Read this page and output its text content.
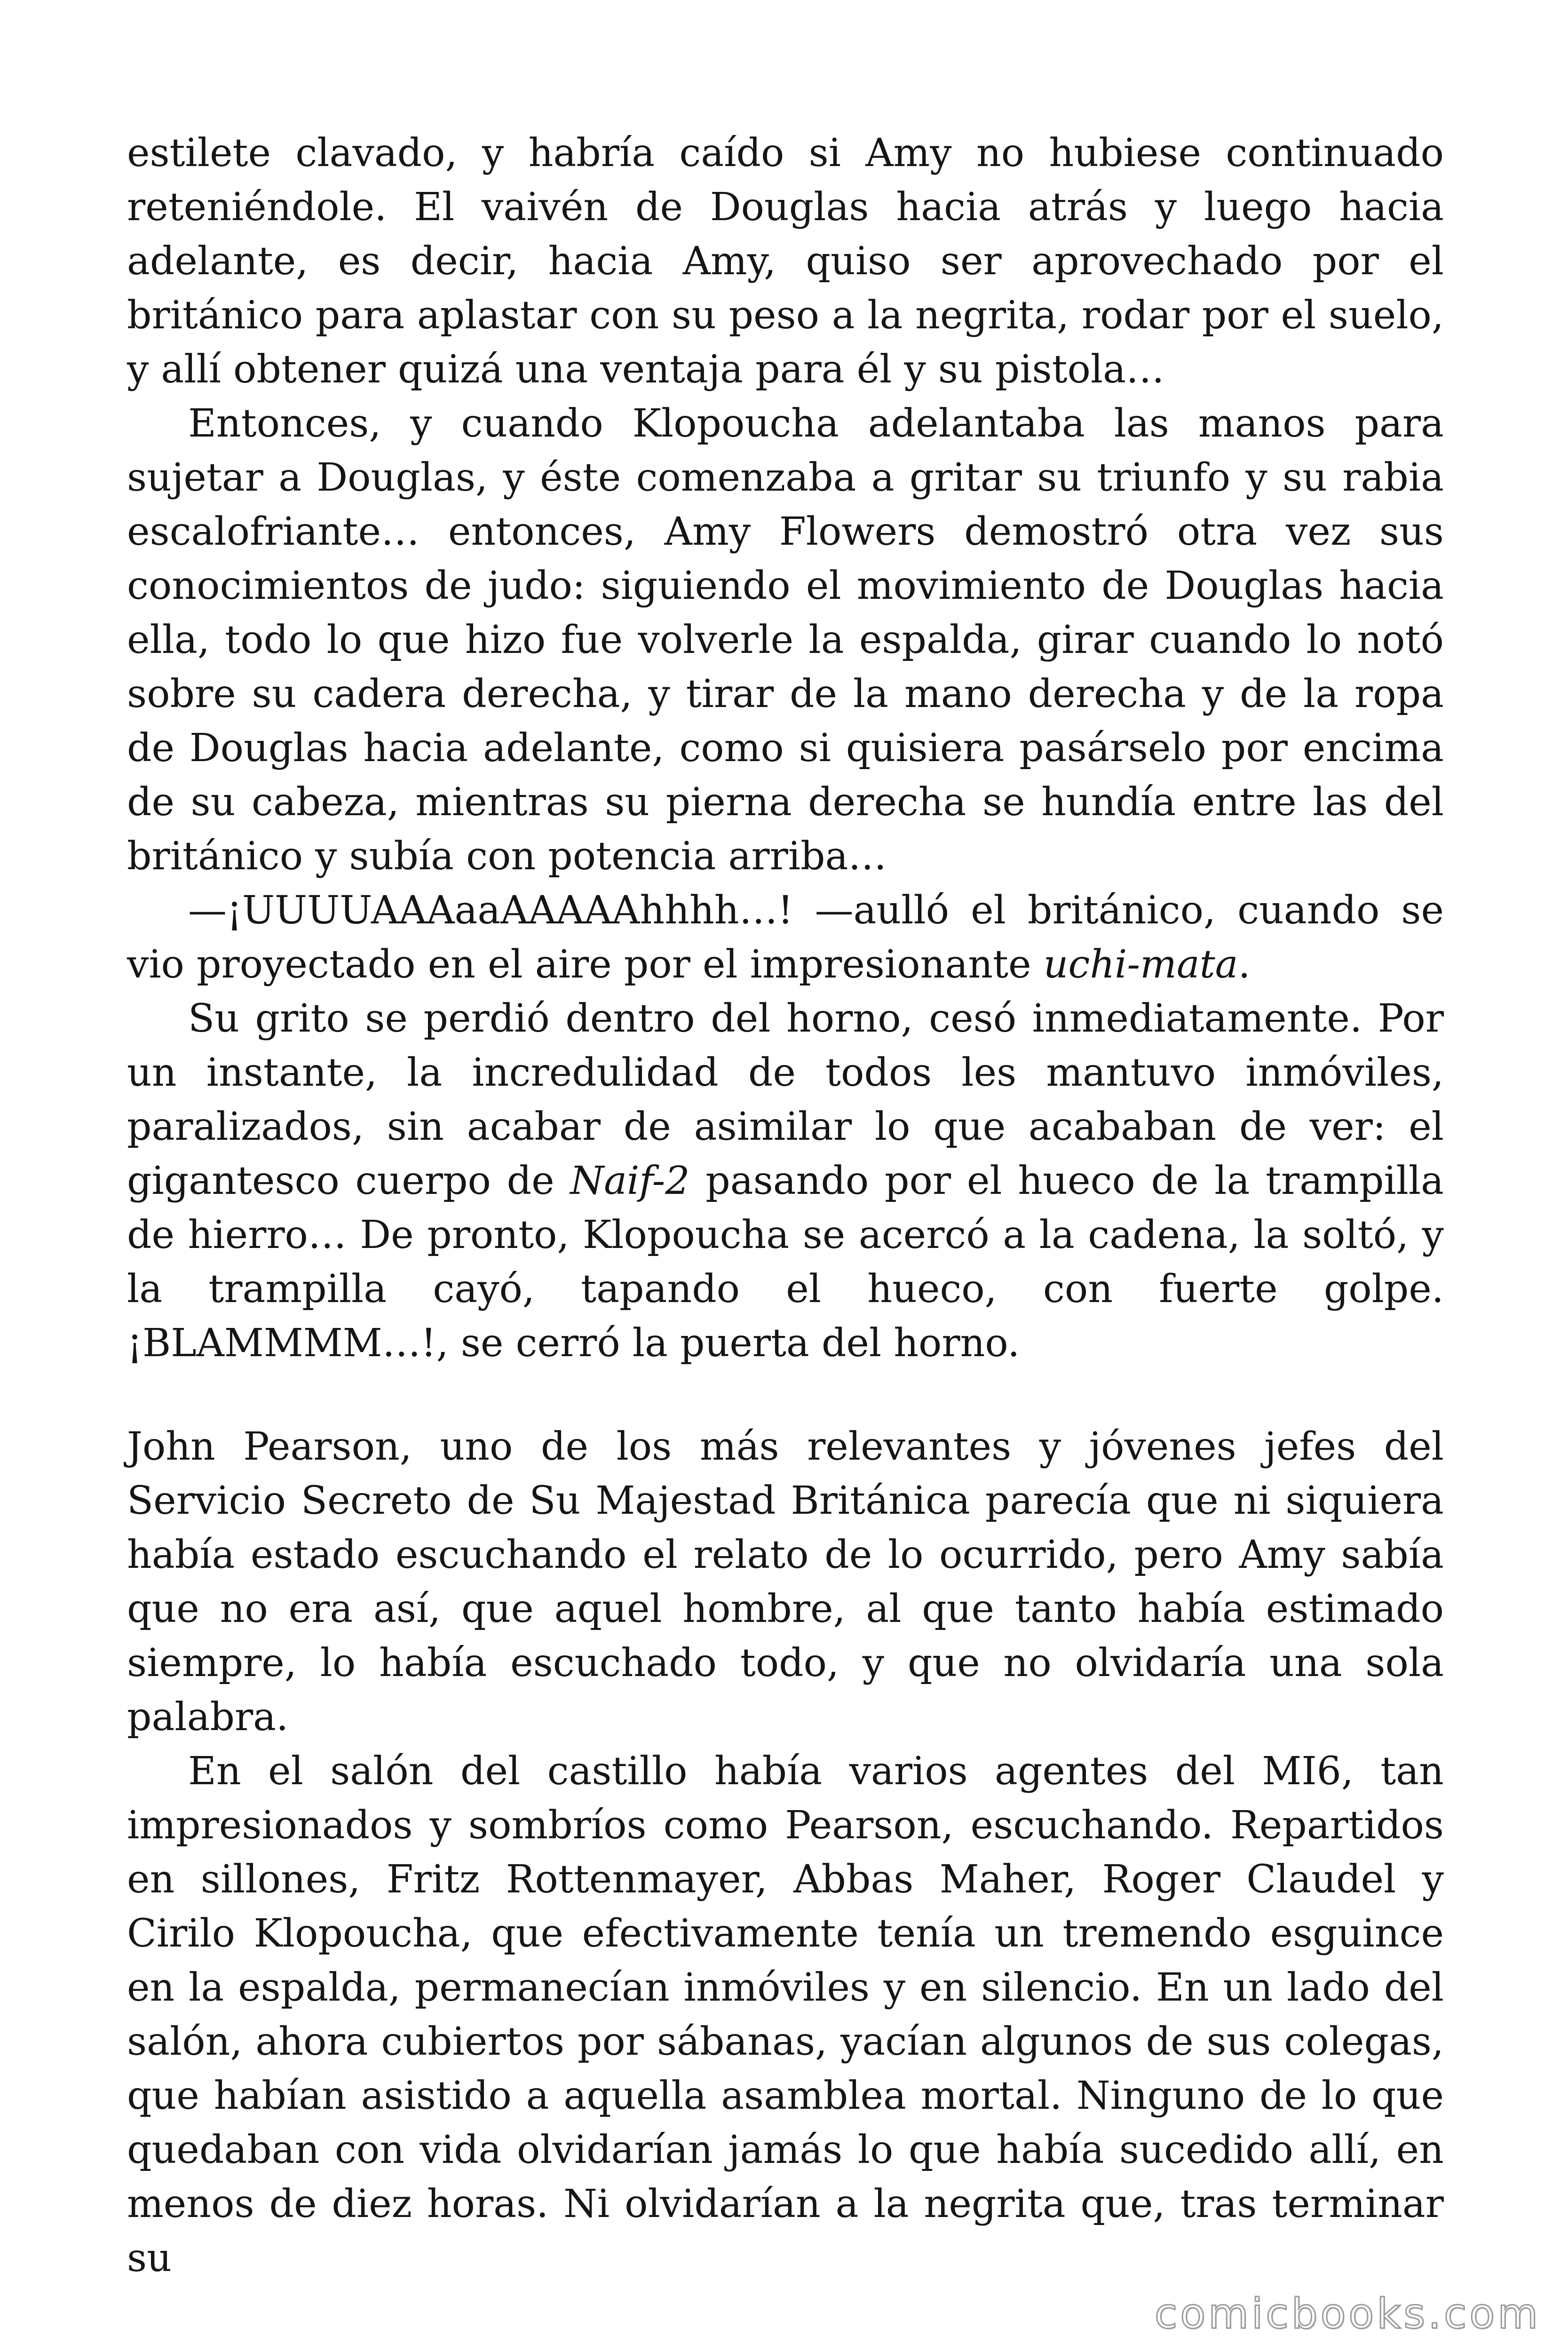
estilete clavado, y habría caído si Amy no hubiese continuado reteniéndole. El vaivén de Douglas hacia atrás y luego hacia adelante, es decir, hacia Amy, quiso ser aprovechado por el británico para aplastar con su peso a la negrita, rodar por el suelo, y allí obtener quizá una ventaja para él y su pistola…

Entonces, y cuando Klopoucha adelantaba las manos para sujetar a Douglas, y éste comenzaba a gritar su triunfo y su rabia escalofriante… entonces, Amy Flowers demostró otra vez sus conocimientos de judo: siguiendo el movimiento de Douglas hacia ella, todo lo que hizo fue volverle la espalda, girar cuando lo notó sobre su cadera derecha, y tirar de la mano derecha y de la ropa de Douglas hacia adelante, como si quisiera pasárselo por encima de su cabeza, mientras su pierna derecha se hundía entre las del británico y subía con potencia arriba…

—¡UUUUAAAaaAAAAAhhhh…! —aulló el británico, cuando se vio proyectado en el aire por el impresionante uchi-mata.

Su grito se perdió dentro del horno, cesó inmediatamente. Por un instante, la incredulidad de todos les mantuvo inmóviles, paralizados, sin acabar de asimilar lo que acababan de ver: el gigantesco cuerpo de Naif-2 pasando por el hueco de la trampilla de hierro… De pronto, Klopoucha se acercó a la cadena, la soltó, y la trampilla cayó, tapando el hueco, con fuerte golpe. ¡BLAMMMM…!, se cerró la puerta del horno.

John Pearson, uno de los más relevantes y jóvenes jefes del Servicio Secreto de Su Majestad Británica parecía que ni siquiera había estado escuchando el relato de lo ocurrido, pero Amy sabía que no era así, que aquel hombre, al que tanto había estimado siempre, lo había escuchado todo, y que no olvidaría una sola palabra.

En el salón del castillo había varios agentes del MI6, tan impresionados y sombríos como Pearson, escuchando. Repartidos en sillones, Fritz Rottenmayer, Abbas Maher, Roger Claudel y Cirilo Klopoucha, que efectivamente tenía un tremendo esguince en la espalda, permanecían inmóviles y en silencio. En un lado del salón, ahora cubiertos por sábanas, yacían algunos de sus colegas, que habían asistido a aquella asamblea mortal. Ninguno de lo que quedaban con vida olvidarían jamás lo que había sucedido allí, en menos de diez horas. Ni olvidarían a la negrita que, tras terminar su

comicbooks.com
